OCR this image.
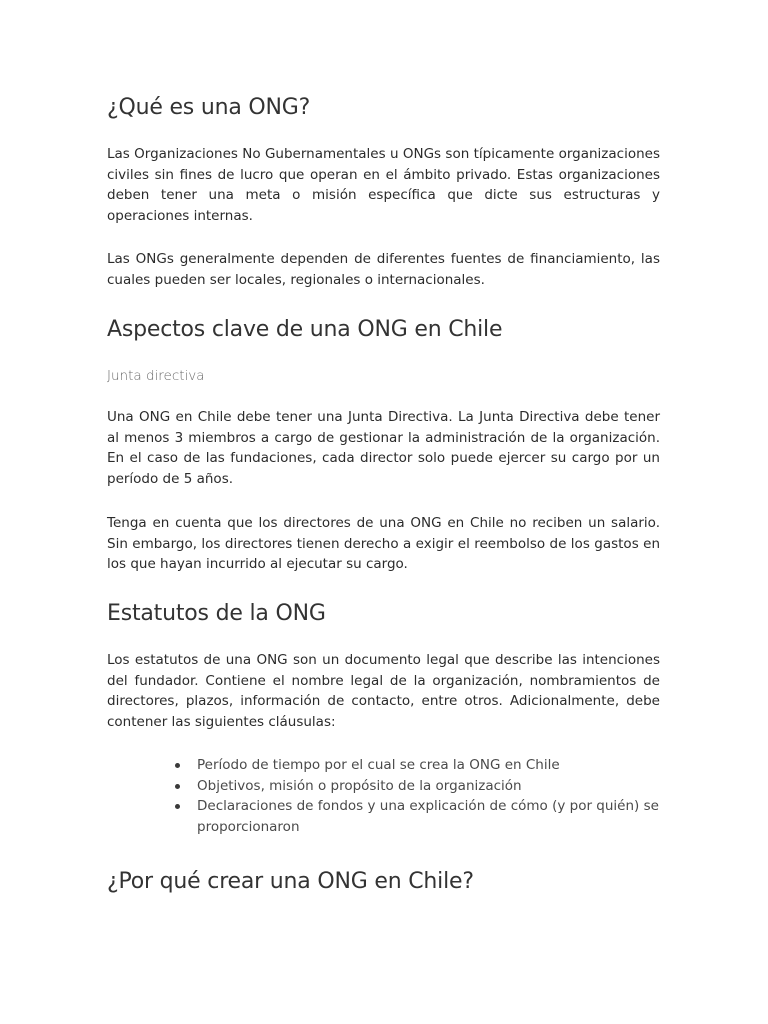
¿Qué es una ONG?

Las Organizaciones No Gubernamentales u ONGs son típicamente organizaciones civiles sin fines de lucro que operan en el ámbito privado. Estas organizaciones deben tener una meta o misión específica que dicte sus estructuras y operaciones internas.

Las ONGs generalmente dependen de diferentes fuentes de financiamiento, las cuales pueden ser locales, regionales o internacionales.

Aspectos clave de una ONG en Chile
Junta directiva

Una ONG en Chile debe tener una Junta Directiva. La Junta Directiva debe tener al menos 3 miembros a cargo de gestionar la administración de la organización. En el caso de las fundaciones, cada director solo puede ejercer su cargo por un período de 5 años.

Tenga en cuenta que los directores de una ONG en Chile no reciben un salario. Sin embargo, los directores tienen derecho a exigir el reembolso de los gastos en los que hayan incurrido al ejecutar su cargo.

Estatutos de la ONG

Los estatutos de una ONG son un documento legal que describe las intenciones del fundador. Contiene el nombre legal de la organización, nombramientos de directores, plazos, información de contacto, entre otros. Adicionalmente, debe contener las siguientes cláusulas:

Período de tiempo por el cual se crea la ONG en Chile
Objetivos, misión o propósito de la organización
Declaraciones de fondos y una explicación de cómo (y por quién) se proporcionaron
¿Por qué crear una ONG en Chile?
